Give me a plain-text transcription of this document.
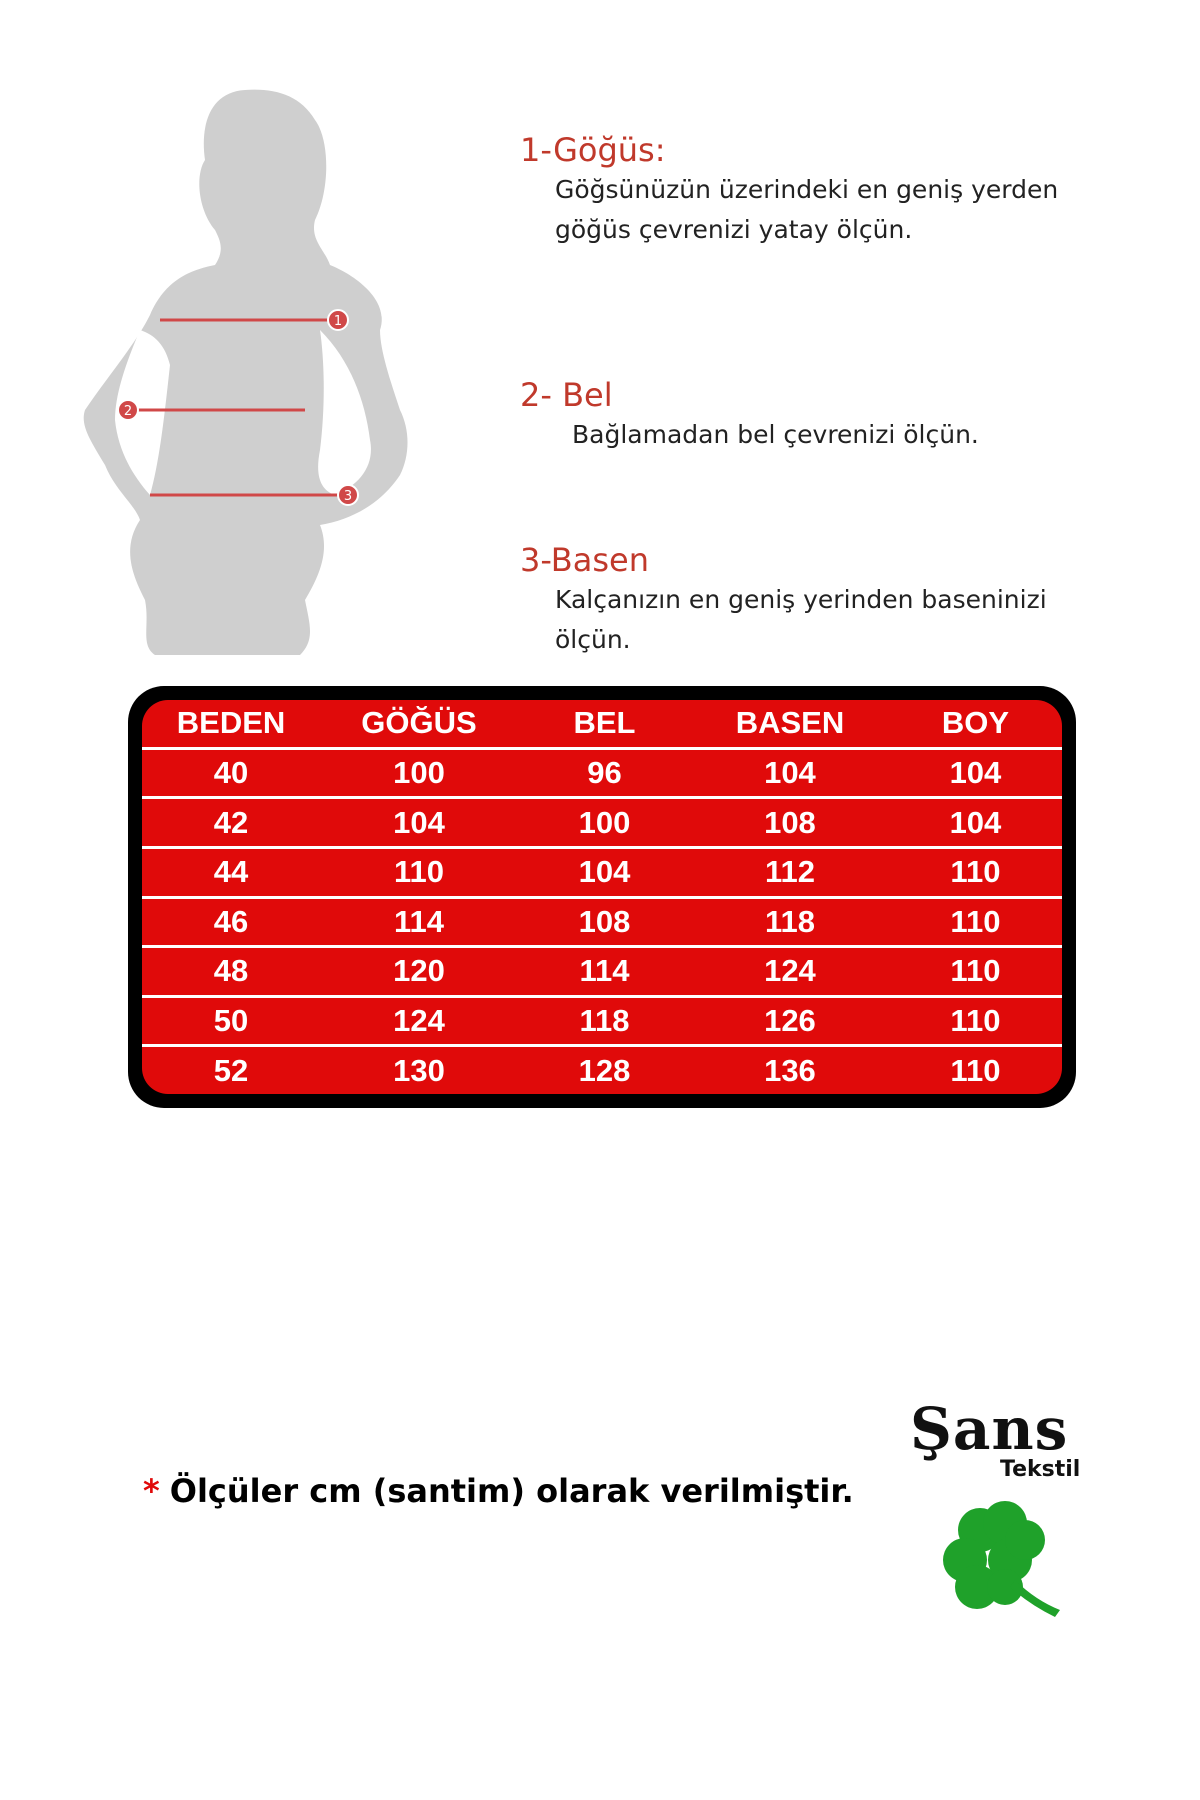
1
2
3
1-Göğüs:
Göğsünüzün üzerindeki en geniş yerden
göğüs çevrenizi yatay ölçün.
2- Bel
Bağlamadan bel çevrenizi ölçün.
3-Basen
Kalçanızın en geniş yerinden baseninizi
ölçün.
BEDEN	GÖĞÜS	BEL	BASEN	BOY
40	100	96	104	104
42	104	100	108	104
44	110	104	112	110
46	114	108	118	110
48	120	114	124	110
50	124	118	126	110
52	130	128	136	110
* Ölçüler cm (santim) olarak verilmiştir.
Şans
Tekstil
